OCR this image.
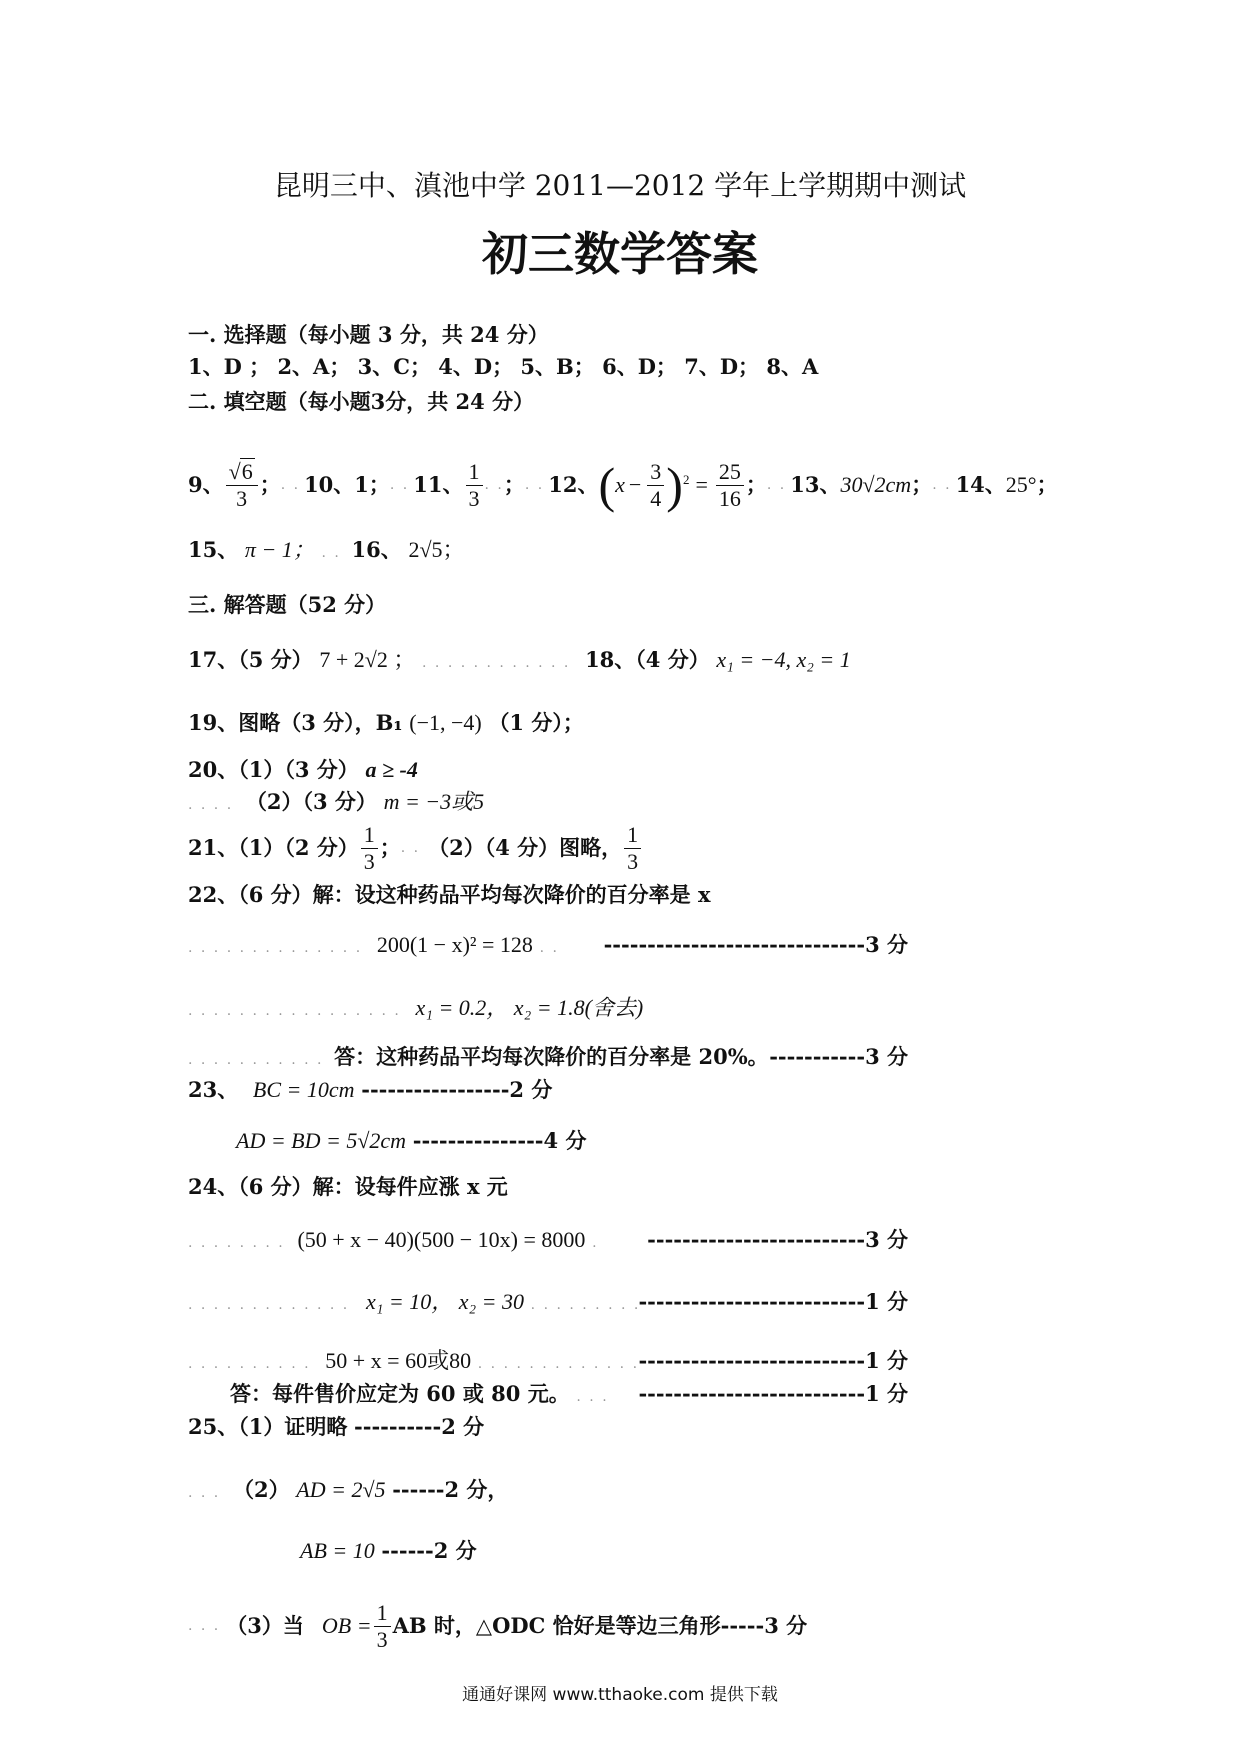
昆明三中、滇池中学 2011—2012 学年上学期期中测试
初三数学答案
一. 选择题（每小题 3 分，共 24 分）
1、D ； 2、A； 3、C； 4、D； 5、B； 6、D； 7、D； 8、A
二. 填空题（每小题3分，共 24 分）
9、 $\frac{√6}{3}$ ； . . 10、1； . . 11、 $\frac{1}{3}$ . . ； . . 12、 ( $x - \frac{3}{4} )^2 = \frac{25}{16}$ ； . . 13、 30√2cm ； . . 14、 25° ；
15、 π − 1； . . 16、 2√5；
三. 解答题（52 分）
17、（5 分） 7 + 2√2 ； . . . . . . . . . . . . 18、（4 分） x₁ = −4, x₂ = 1
19、图略（3 分），B₁ (−1, −4) （1 分）；
20、（1）（3 分） a ≥ -4
. . . . （2）（3 分） m = −3或5
21、（1）（2 分） $\frac{1}{3}$ ； . . （2）（4 分）图略， $\frac{1}{3}$
22、（6 分）解：设这种药品平均每次降价的百分率是 x
. . . . . . . . . . . . . . 200(1 − x)² = 128 . . ------------------------------3 分
. . . . . . . . . . . . . . . . . x₁ = 0.2， x₂ = 1.8(舍去)
. . . . . . . . . . . 答：这种药品平均每次降价的百分率是 20%。 -----------3 分
23、 BC = 10cm -----------------2 分
AD = BD = 5√2cm ---------------4 分
24、（6 分）解：设每件应涨 x 元
. . . . . . . . (50 + x − 40)(500 − 10x) = 8000 . -------------------------3 分
. . . . . . . . . . . . . x₁ = 10， x₂ = 30 . . . . . . . . .
--------------------------1 分
. . . . . . . . . . 50 + x = 60或80 . . . . . . . . . . . . . --------------------------1 分
答：每件售价应定为 60 或 80 元。 . . . --------------------------1 分
25、（1）证明略 ----------2 分
. . . （2） AD = 2√5 ------2 分，
AB = 10 ------2 分
. . . （3）当 OB = $\frac{1}{3}$ AB 时，△ODC 恰好是等边三角形 ----- 3 分
通通好课网 www.tthaoke.com 提供下载
